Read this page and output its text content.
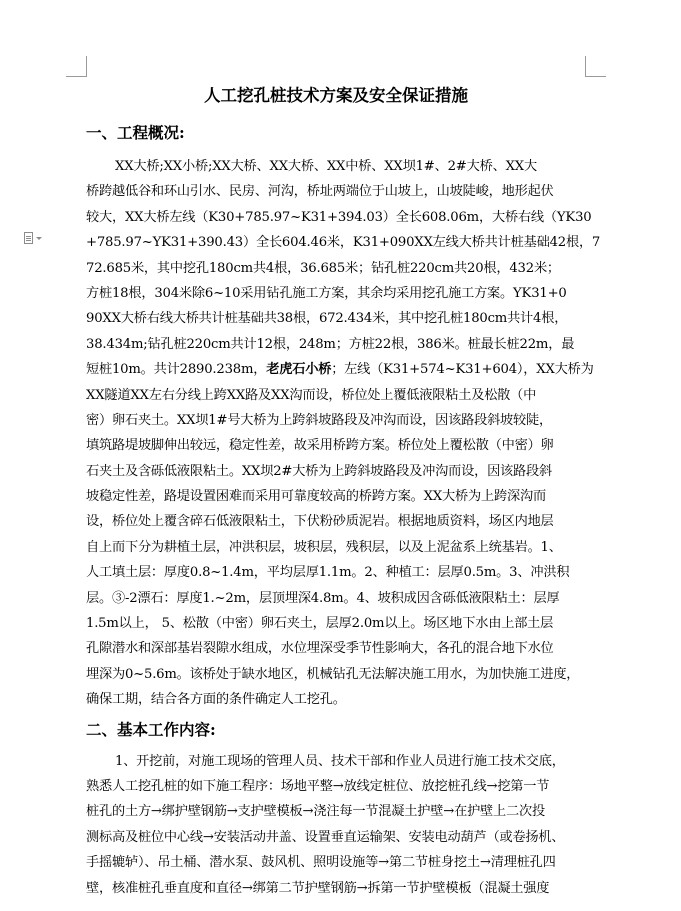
人工挖孔桩技术方案及安全保证措施
一、工程概况:

XX大桥;XX小桥;XX大桥、XX大桥、XX中桥、XX坝1#、2#大桥、XX大
桥跨越低谷和环山引水、民房、河沟，桥址两端位于山坡上，山坡陡峻，地形起伏
较大，XX大桥左线（K30+785.97~K31+394.03）全长608.06m，大桥右线（YK30
+785.97~YK31+390.43）全长604.46米，K31+090XX左线大桥共计桩基础42根，7
72.685米，其中挖孔180cm共4根，36.685米；钻孔桩220cm共20根，432米；
方桩18根，304米除6~10采用钻孔施工方案，其余均采用挖孔施工方案。YK31+0
90XX大桥右线大桥共计桩基础共38根，672.434米，其中挖孔桩180cm共计4根，
38.434m;钻孔桩220cm共计12根，248m；方桩22根，386米。桩最长桩22m，最
短桩10m。共计2890.238m，老虎石小桥；左线（K31+574~K31+604），XX大桥为
XX隧道XX左右分线上跨XX路及XX沟而设，桥位处上覆低液限粘土及松散（中
密）卵石夹土。XX坝1#号大桥为上跨斜坡路段及冲沟而设，因该路段斜坡较陡，
填筑路堤坡脚伸出较远，稳定性差，故采用桥跨方案。桥位处上覆松散（中密）卵
石夹土及含砾低液限粘土。XX坝2#大桥为上跨斜坡路段及冲沟而设，因该路段斜
坡稳定性差，路堤设置困难而采用可靠度较高的桥跨方案。XX大桥为上跨深沟而
设，桥位处上覆含碎石低液限粘土，下伏粉砂质泥岩。根据地质资料，场区内地层
自上而下分为耕植土层，冲洪积层，坡积层，残积层，以及上泥盆系上统基岩。1、
人工填土层：厚度0.8~1.4m，平均层厚1.1m。2、种植工：层厚0.5m。3、冲洪积
层。③-2漂石：厚度1.~2m，层顶埋深4.8m。4、坡积成因含砾低液限粘土：层厚
1.5m以上， 5、松散（中密）卵石夹土，层厚2.0m以上。场区地下水由上部土层
孔隙潜水和深部基岩裂隙水组成，水位埋深受季节性影响大，各孔的混合地下水位
埋深为0~5.6m。该桥处于缺水地区，机械钻孔无法解决施工用水，为加快施工进度，
确保工期，结合各方面的条件确定人工挖孔。

二、基本工作内容:

1、开挖前，对施工现场的管理人员、技术干部和作业人员进行施工技术交底，
熟悉人工挖孔桩的如下施工程序：场地平整→放线定桩位、放挖桩孔线→挖第一节
桩孔的土方→绑护壁钢筋→支护壁模板→浇注每一节混凝土护壁→在护壁上二次投
测标高及桩位中心线→安装活动井盖、设置垂直运输架、安装电动葫芦（或卷扬机、
手摇辘轳）、吊土桶、潜水泵、鼓风机、照明设施等→第二节桩身挖土→清理桩孔四
壁，核准桩孔垂直度和直径→绑第二节护壁钢筋→拆第一节护壁模板（混凝土强度
